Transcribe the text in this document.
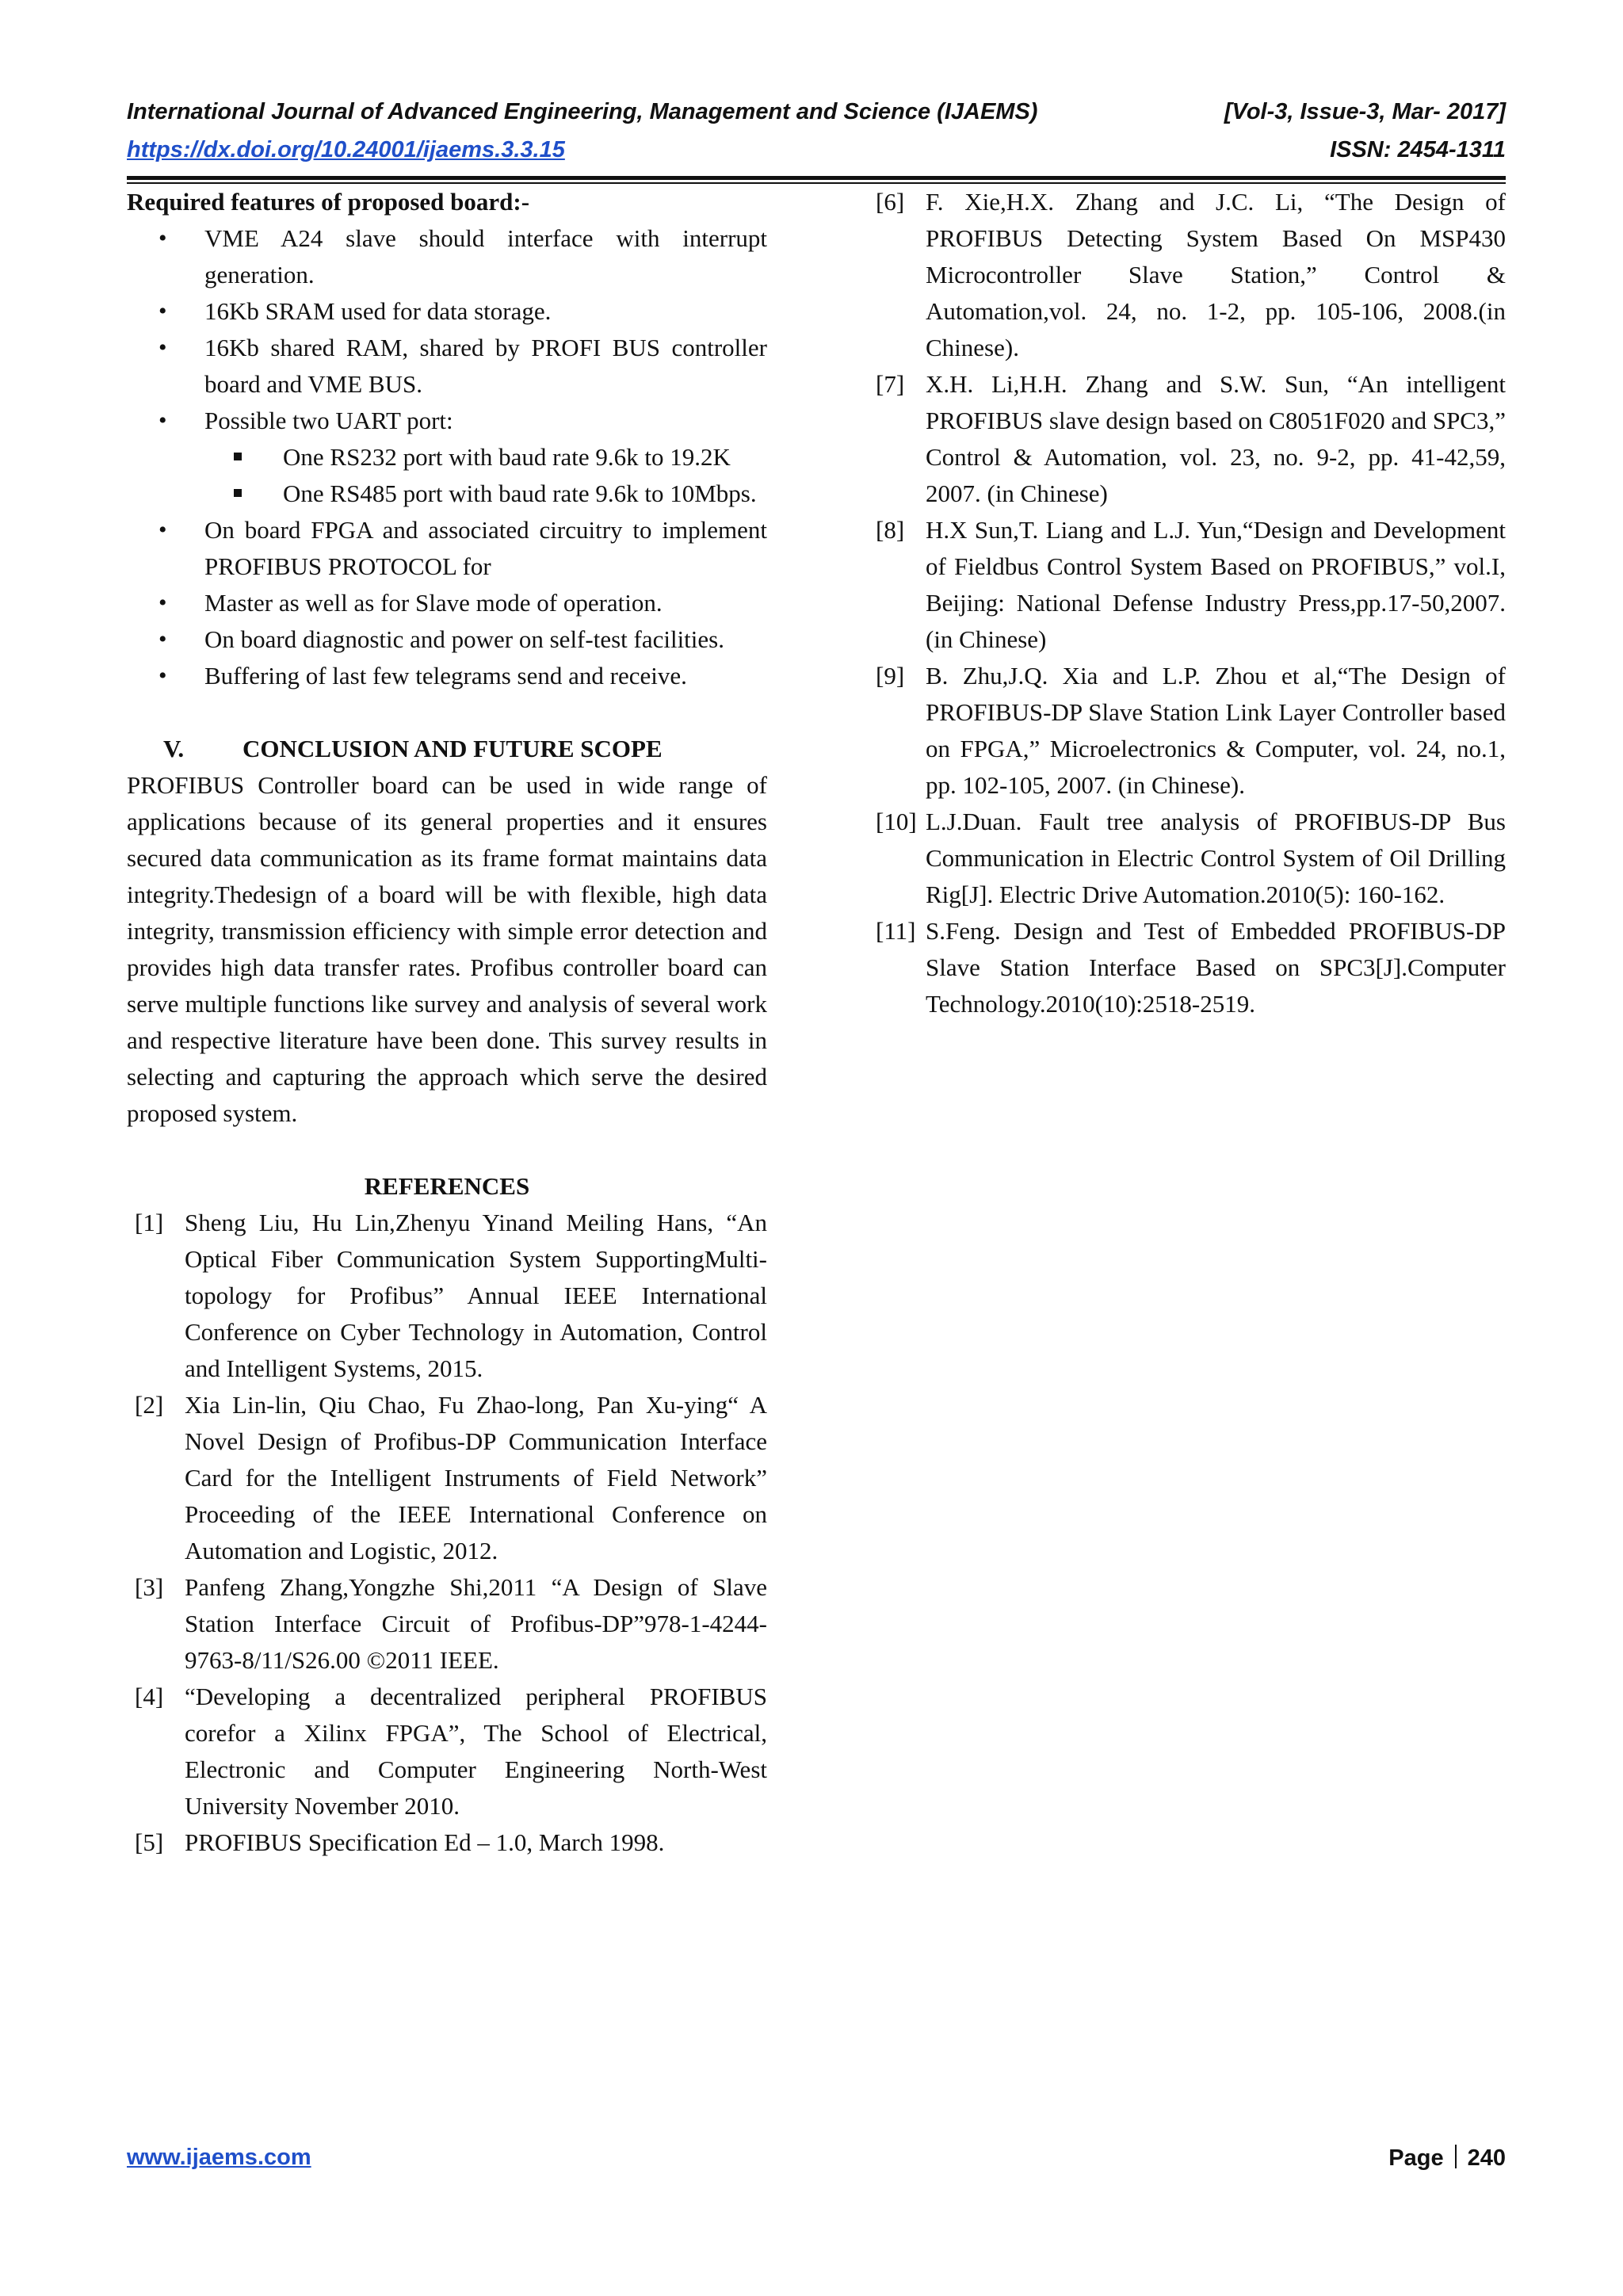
International Journal of Advanced Engineering, Management and Science (IJAEMS)	[Vol-3, Issue-3, Mar- 2017]
https://dx.doi.org/10.24001/ijaems.3.3.15	ISSN: 2454-1311

Required features of proposed board:-

• VME A24 slave should interface with interrupt generation.
• 16Kb SRAM used for data storage.
• 16Kb shared RAM, shared by PROFI BUS controller board and VME BUS.
• Possible two UART port:
One RS232 port with baud rate 9.6k to 19.2K
One RS485 port with baud rate 9.6k to 10Mbps.
• On board FPGA and associated circuitry to implement PROFIBUS PROTOCOL for
• Master as well as for Slave mode of operation.
• On board diagnostic and power on self-test facilities.
• Buffering of last few telegrams send and receive.
V. CONCLUSION AND FUTURE SCOPE

PROFIBUS Controller board can be used in wide range of applications because of its general properties and it ensures secured data communication as its frame format maintains data integrity.Thedesign of a board will be with flexible, high data integrity, transmission efficiency with simple error detection and provides high data transfer rates. Profibus controller board can serve multiple functions like survey and analysis of several work and respective literature have been done. This survey results in selecting and capturing the approach which serve the desired proposed system.

REFERENCES
[1] Sheng Liu, Hu Lin,Zhenyu Yinand Meiling Hans, “An Optical Fiber Communication System SupportingMulti-topology for Profibus” Annual IEEE International Conference on Cyber Technology in Automation, Control and Intelligent Systems, 2015.
[2] Xia Lin-lin, Qiu Chao, Fu Zhao-long, Pan Xu-ying“ A Novel Design of Profibus-DP Communication Interface Card for the Intelligent Instruments of Field Network” Proceeding of the IEEE International Conference on Automation and Logistic, 2012.
[3] Panfeng Zhang,Yongzhe Shi,2011 “A Design of Slave Station Interface Circuit of Profibus-DP”978-1-4244-9763-8/11/S26.00 ©2011 IEEE.
[4] “Developing a decentralized peripheral PROFIBUS corefor a Xilinx FPGA”, The School of Electrical, Electronic and Computer Engineering North-West University November 2010.
[5] PROFIBUS Specification Ed – 1.0, March 1998.
[6] F. Xie,H.X. Zhang and J.C. Li, “The Design of PROFIBUS Detecting System Based On MSP430 Microcontroller Slave Station,” Control & Automation,vol. 24, no. 1-2, pp. 105-106, 2008.(in Chinese).
[7] X.H. Li,H.H. Zhang and S.W. Sun, “An intelligent PROFIBUS slave design based on C8051F020 and SPC3,” Control & Automation, vol. 23, no. 9-2, pp. 41-42,59, 2007. (in Chinese)
[8] H.X Sun,T. Liang and L.J. Yun,“Design and Development of Fieldbus Control System Based on PROFIBUS,” vol.I, Beijing: National Defense Industry Press,pp.17-50,2007. (in Chinese)
[9] B. Zhu,J.Q. Xia and L.P. Zhou et al,“The Design of PROFIBUS-DP Slave Station Link Layer Controller based on FPGA,” Microelectronics & Computer, vol. 24, no.1, pp. 102-105, 2007. (in Chinese).
[10] L.J.Duan. Fault tree analysis of PROFIBUS-DP Bus Communication in Electric Control System of Oil Drilling Rig[J]. Electric Drive Automation.2010(5): 160-162.
[11] S.Feng. Design and Test of Embedded PROFIBUS-DP Slave Station Interface Based on SPC3[J].Computer Technology.2010(10):2518-2519.
www.ijaems.com	Page 240
